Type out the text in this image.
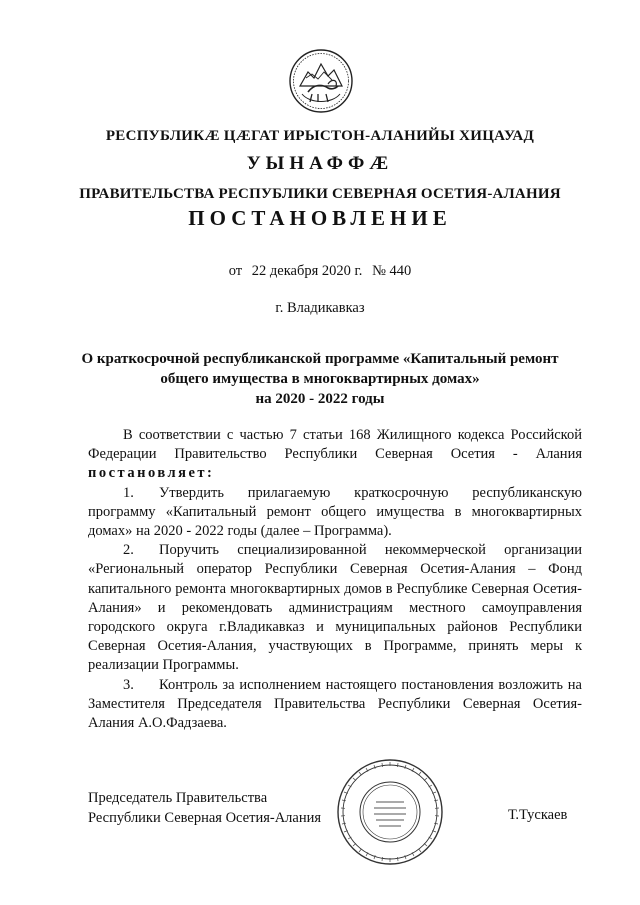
РЕСПУБЛИКÆ ЦÆГАТ ИРЫСТОН-АЛАНИЙЫ ХИЦАУАД
УЫНАФФÆ
ПРАВИТЕЛЬСТВА РЕСПУБЛИКИ СЕВЕРНАЯ ОСЕТИЯ-АЛАНИЯ
ПОСТАНОВЛЕНИЕ
от 22 декабря 2020 г. № 440
г. Владикавказ
О краткосрочной республиканской программе «Капитальный ремонт
общего имущества в многоквартирных домах»
на 2020 - 2022 годы

В соответствии с частью 7 статьи 168 Жилищного кодекса Российской Федерации Правительство Республики Северная Осетия - Алания постановляет:

1. Утвердить прилагаемую краткосрочную республиканскую программу «Капитальный ремонт общего имущества в многоквартирных домах» на 2020 - 2022 годы (далее – Программа).

2. Поручить специализированной некоммерческой организации «Региональный оператор Республики Северная Осетия-Алания – Фонд капитального ремонта многоквартирных домов в Республике Северная Осетия-Алания» и рекомендовать администрациям местного самоуправления городского округа г.Владикавказ и муниципальных районов Республики Северная Осетия-Алания, участвующих в Программе, принять меры к реализации Программы.

3. Контроль за исполнением настоящего постановления возложить на Заместителя Председателя Правительства Республики Северная Осетия-Алания А.О.Фадзаева.

Председатель Правительства
Республики Северная Осетия-Алания	Т.Тускаев
